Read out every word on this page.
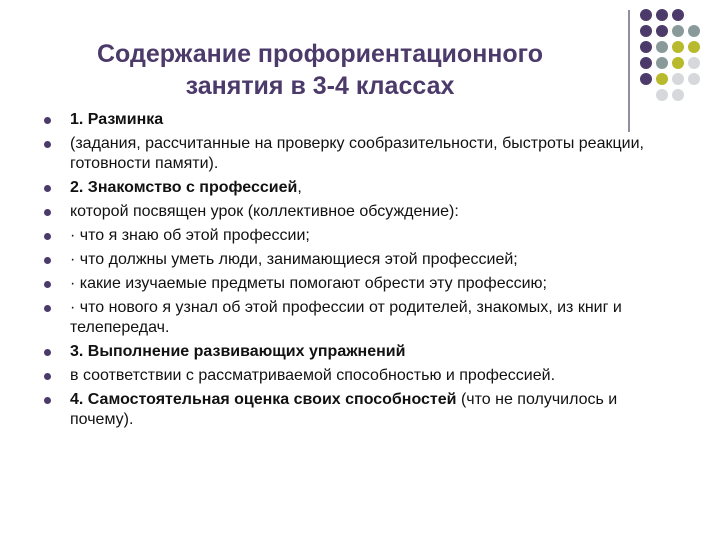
Содержание профориентационного
занятия в 3-4 классах
1. Разминка
(задания, рассчитанные на проверку сообразительности, быстроты реакции, готовности памяти).
2. Знакомство с профессией,
которой посвящен урок (коллективное обсуждение):
· что я знаю об этой профессии;
· что должны уметь люди, занимающиеся этой профессией;
· какие изучаемые предметы помогают обрести эту профессию;
· что нового я узнал об этой профессии от родителей, знакомых, из книг и телепередач.
3. Выполнение развивающих упражнений
в соответствии с рассматриваемой способностью и профессией.
4. Самостоятельная оценка своих способностей (что не получилось и почему).
